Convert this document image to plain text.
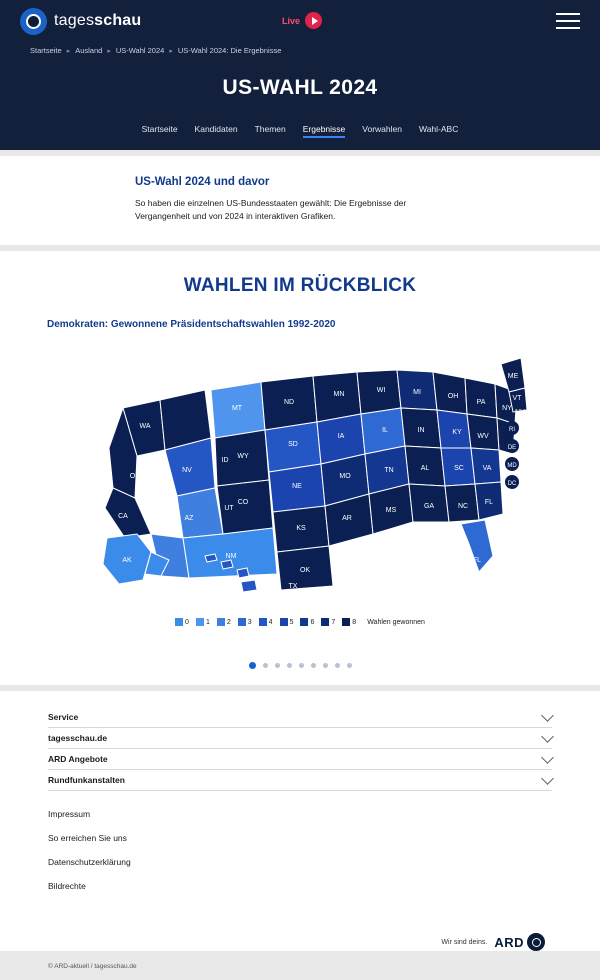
tagesschau	Live
Startseite ▸ Ausland ▸ US-Wahl 2024 ▸ US-Wahl 2024: Die Ergebnisse
US-WAHL 2024
Startseite Kandidaten Themen Ergebnisse Vorwahlen Wahl-ABC
US-Wahl 2024 und davor

So haben die einzelnen US-Bundesstaaten gewählt: Die Ergebnisse der Vergangenheit und von 2024 in interaktiven Grafiken.

WAHLEN IM RÜCKBLICK
Demokraten: Gewonnene Präsidentschaftswahlen 1992-2020
WA
OR
CA
NV
AZ
ID
UT
NM
MT
WY
CO
ND
SD
NE
KS
OK
TX
MN
IA
MO
AR
LA
WI
IL
TN
MS
MI
IN
AL
GA
OH
KY
SC
NC
PA
WV
VA
FL
NY
ME
VT
NH
FL
AK
RI
DE
MD
DC
0 1 2 3 4 5 6 7 8 Wahlen gewonnen
Service
tagesschau.de
ARD Angebote
Rundfunkanstalten
Impressum
So erreichen Sie uns
Datenschutzerklärung
Bildrechte
Wir sind deins. ARD
© ARD-aktuell / tagesschau.de
